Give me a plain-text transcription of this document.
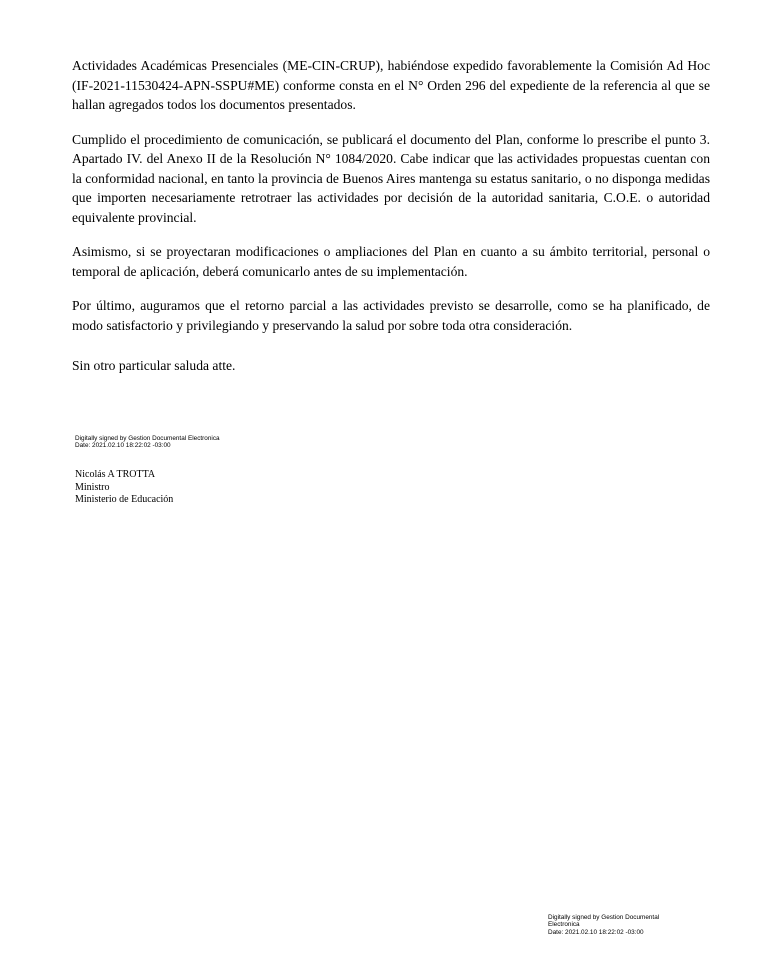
Actividades Académicas Presenciales (ME-CIN-CRUP), habiéndose expedido favorablemente la Comisión Ad Hoc (IF-2021-11530424-APN-SSPU#ME) conforme consta en el N° Orden 296 del expediente de la referencia al que se hallan agregados todos los documentos presentados.

Cumplido el procedimiento de comunicación, se publicará el documento del Plan, conforme lo prescribe el punto 3. Apartado IV. del Anexo II de la Resolución N° 1084/2020. Cabe indicar que las actividades propuestas cuentan con la conformidad nacional, en tanto la provincia de Buenos Aires mantenga su estatus sanitario, o no disponga medidas que importen necesariamente retrotraer las actividades por decisión de la autoridad sanitaria, C.O.E. o autoridad equivalente provincial.

Asimismo, si se proyectaran modificaciones o ampliaciones del Plan en cuanto a su ámbito territorial, personal o temporal de aplicación, deberá comunicarlo antes de su implementación.

Por último, auguramos que el retorno parcial a las actividades previsto se desarrolle, como se ha planificado, de modo satisfactorio y privilegiando y preservando la salud por sobre toda otra consideración.

Sin otro particular saluda atte.

Digitally signed by Gestion Documental Electronica
Date: 2021.02.10 18:22:02 -03:00
Nicolás A TROTTA
Ministro
Ministerio de Educación
Digitally signed by Gestion Documental
Electronica
Date: 2021.02.10 18:22:02 -03:00
